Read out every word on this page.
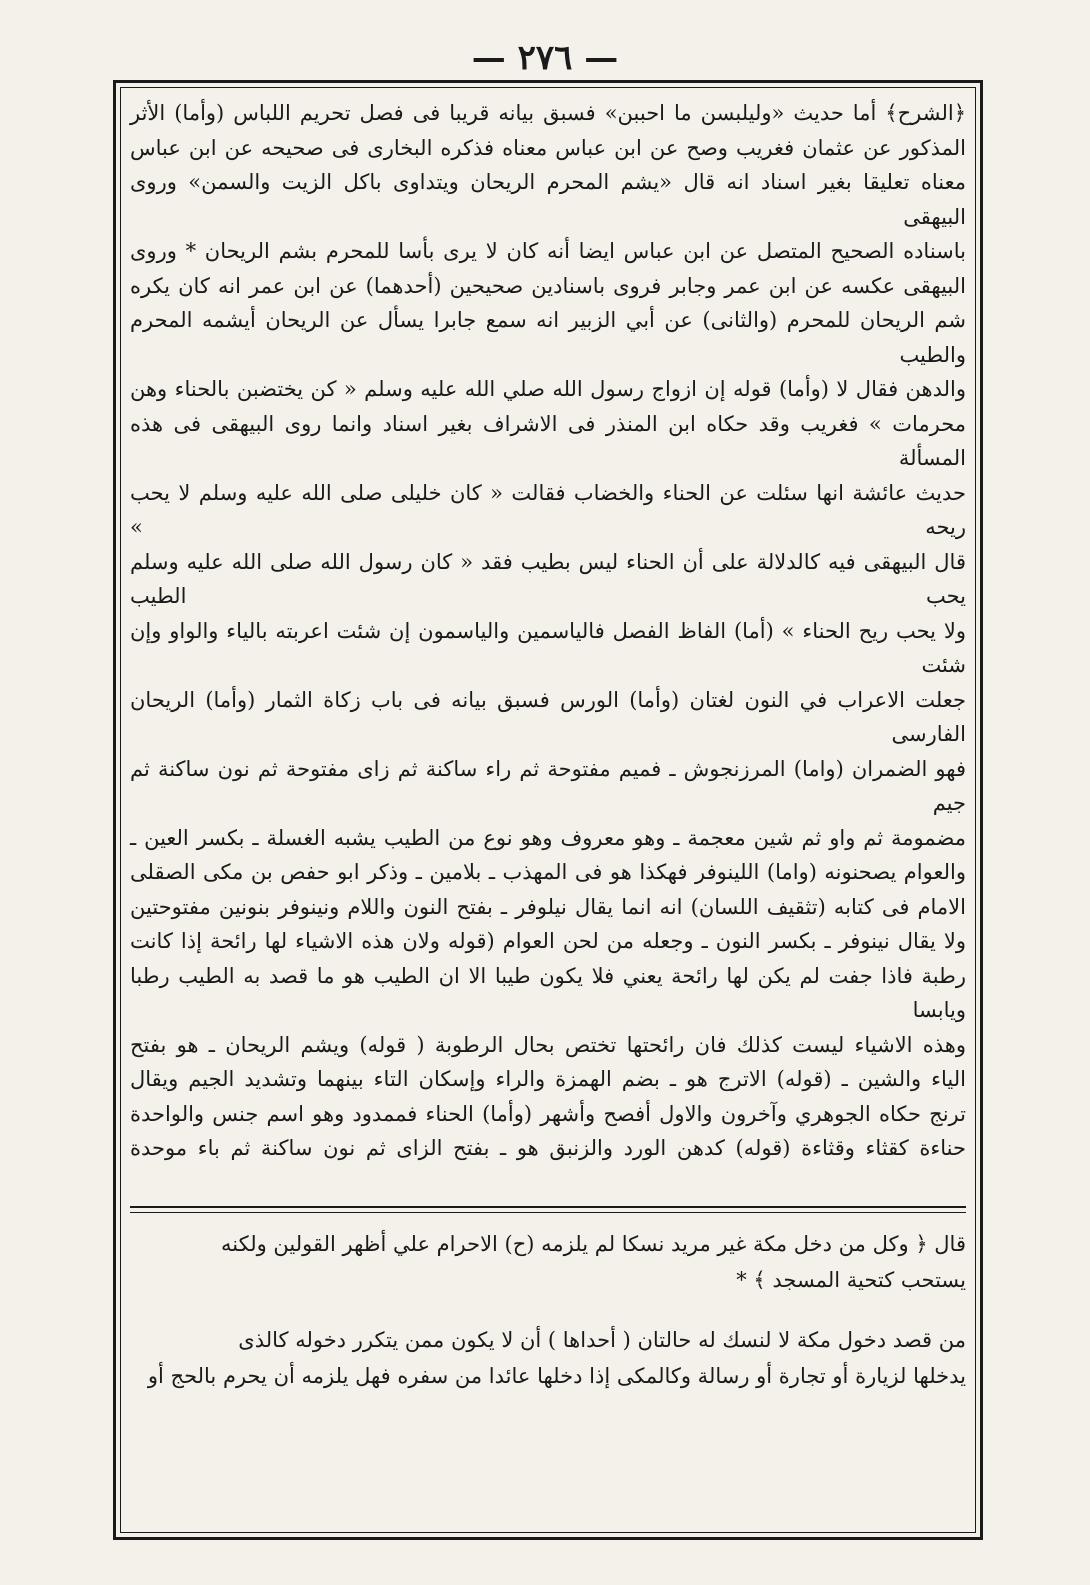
— ٢٧٦ —

﴿الشرح﴾ أما حديث «وليلبسن ما احببن» فسبق بيانه قريبا فى فصل تحريم اللباس (وأما) الأثر

المذكور عن عثمان فغريب وصح عن ابن عباس معناه فذكره البخارى فى صحيحه عن ابن عباس

معناه تعليقا بغير اسناد انه قال «يشم المحرم الريحان ويتداوى باكل الزيت والسمن» وروى البيهقى

باسناده الصحيح المتصل عن ابن عباس ايضا أنه كان لا يرى بأسا للمحرم بشم الريحان * وروى

البيهقى عكسه عن ابن عمر وجابر فروى باسنادين صحيحين (أحدهما) عن ابن عمر انه كان يكره

شم الريحان للمحرم (والثانى) عن أبي الزبير انه سمع جابرا يسأل عن الريحان أيشمه المحرم والطيب

والدهن فقال لا (وأما) قوله إن ازواج رسول الله صلي الله عليه وسلم « كن يختضبن بالحناء وهن

محرمات » فغريب وقد حكاه ابن المنذر فى الاشراف بغير اسناد وانما روى البيهقى فى هذه المسألة

حديث عائشة انها سئلت عن الحناء والخضاب فقالت « كان خليلى صلى الله عليه وسلم لا يحب ريحه »

قال البيهقى فيه كالدلالة على أن الحناء ليس بطيب فقد « كان رسول الله صلى الله عليه وسلم يحب الطيب

ولا يحب ريح الحناء » (أما) الفاظ الفصل فالياسمين والياسمون إن شئت اعربته بالياء والواو وإن شئت

جعلت الاعراب في النون لغتان (وأما) الورس فسبق بيانه فى باب زكاة الثمار (وأما) الريحان الفارسى

فهو الضمران (واما) المرزنجوش ـ فميم مفتوحة ثم راء ساكنة ثم زاى مفتوحة ثم نون ساكنة ثم جيم

مضمومة ثم واو ثم شين معجمة ـ وهو معروف وهو نوع من الطيب يشبه الغسلة ـ بكسر العين ـ

والعوام يصحنونه (واما) اللينوفر فهكذا هو فى المهذب ـ بلامين ـ وذكر ابو حفص بن مكى الصقلى

الامام فى كتابه (تثقيف اللسان) انه انما يقال نيلوفر ـ بفتح النون واللام ونينوفر بنونين مفتوحتين

ولا يقال نينوفر ـ بكسر النون ـ وجعله من لحن العوام (قوله ولان هذه الاشياء لها رائحة إذا كانت

رطبة فاذا جفت لم يكن لها رائحة يعني فلا يكون طيبا الا ان الطيب هو ما قصد به الطيب رطبا ويابسا

وهذه الاشياء ليست كذلك فان رائحتها تختص بحال الرطوبة ( قوله) ويشم الريحان ـ هو بفتح

الياء والشين ـ (قوله) الاترج هو ـ بضم الهمزة والراء وإسكان التاء بينهما وتشديد الجيم ويقال

ترنج حكاه الجوهري وآخرون والاول أفصح وأشهر (وأما) الحناء فممدود وهو اسم جنس والواحدة

حناءة كقثاء وقثاءة (قوله) كدهن الورد والزنبق هو ـ بفتح الزاى ثم نون ساكنة ثم باء موحدة

قال ﴿ وكل من دخل مكة غير مريد نسكا لم يلزمه (ح) الاحرام علي أظهر القولين ولكنه

يستحب كتحية المسجد ﴾ *

من قصد دخول مكة لا لنسك له حالتان ( أحداها ) أن لا يكون ممن يتكرر دخوله كالذى

يدخلها لزيارة أو تجارة أو رسالة وكالمكى إذا دخلها عائدا من سفره فهل يلزمه أن يحرم بالحج أو
